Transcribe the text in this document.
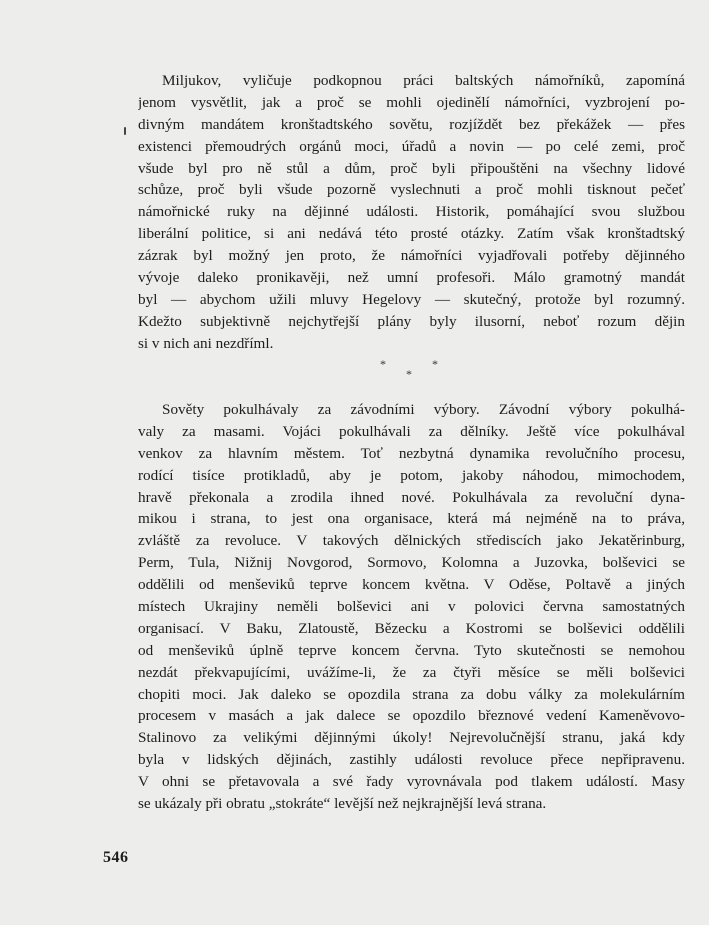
Miljukov, vyličuje podkopnou práci baltských námořníků, zapomíná
jenom vysvětlit, jak a proč se mohli ojedinělí námořníci, vyzbrojení po-
divným mandátem kronštadtského sovětu, rozjíždět bez překážek — přes
existenci přemoudrých orgánů moci, úřadů a novin — po celé zemi, proč
všude byl pro ně stůl a dům, proč byli připouštěni na všechny lidové
schůze, proč byli všude pozorně vyslechnuti a proč mohli tisknout pečeť
námořnické ruky na dějinné události. Historik, pomáhající svou službou
liberální politice, si ani nedává této prosté otázky. Zatím však kronštadtský
zázrak byl možný jen proto, že námořníci vyjadřovali potřeby dějinného
vývoje daleko pronikavěji, než umní profesoři. Málo gramotný mandát
byl — abychom užili mluvy Hegelovy — skutečný, protože byl rozumný.
Kdežto subjektivně nejchytřejší plány byly ilusorní, neboť rozum dějin
si v nich ani nezdříml.
*	*
*
Sověty pokulhávaly za závodními výbory. Závodní výbory pokulhá-
valy za masami. Vojáci pokulhávali za dělníky. Ještě více pokulhával
venkov za hlavním městem. Toť nezbytná dynamika revolučního procesu,
rodící tisíce protikladů, aby je potom, jakoby náhodou, mimochodem,
hravě překonala a zrodila ihned nové. Pokulhávala za revoluční dyna-
mikou i strana, to jest ona organisace, která má nejméně na to práva,
zvláště za revoluce. V takových dělnických střediscích jako Jekatěrinburg,
Perm, Tula, Nižnij Novgorod, Sormovo, Kolomna a Juzovka, bolševici se
oddělili od menševiků teprve koncem května. V Oděse, Poltavě a jiných
místech Ukrajiny neměli bolševici ani v polovici června samostatných
organisací. V Baku, Zlatoustě, Bězecku a Kostromi se bolševici oddělili
od menševiků úplně teprve koncem června. Tyto skutečnosti se nemohou
nezdát překvapujícími, uvážíme-li, že za čtyři měsíce se měli bolševici
chopiti moci. Jak daleko se opozdila strana za dobu války za molekulárním
procesem v masách a jak dalece se opozdilo březnové vedení Kameněvovo-
Stalinovo za velikými dějinnými úkoly! Nejrevolučnější stranu, jaká kdy
byla v lidských dějinách, zastihly události revoluce přece nepřipravenu.
V ohni se přetavovala a své řady vyrovnávala pod tlakem událostí. Masy
se ukázaly při obratu „stokráte“ levější než nejkrajnější levá strana.
546
